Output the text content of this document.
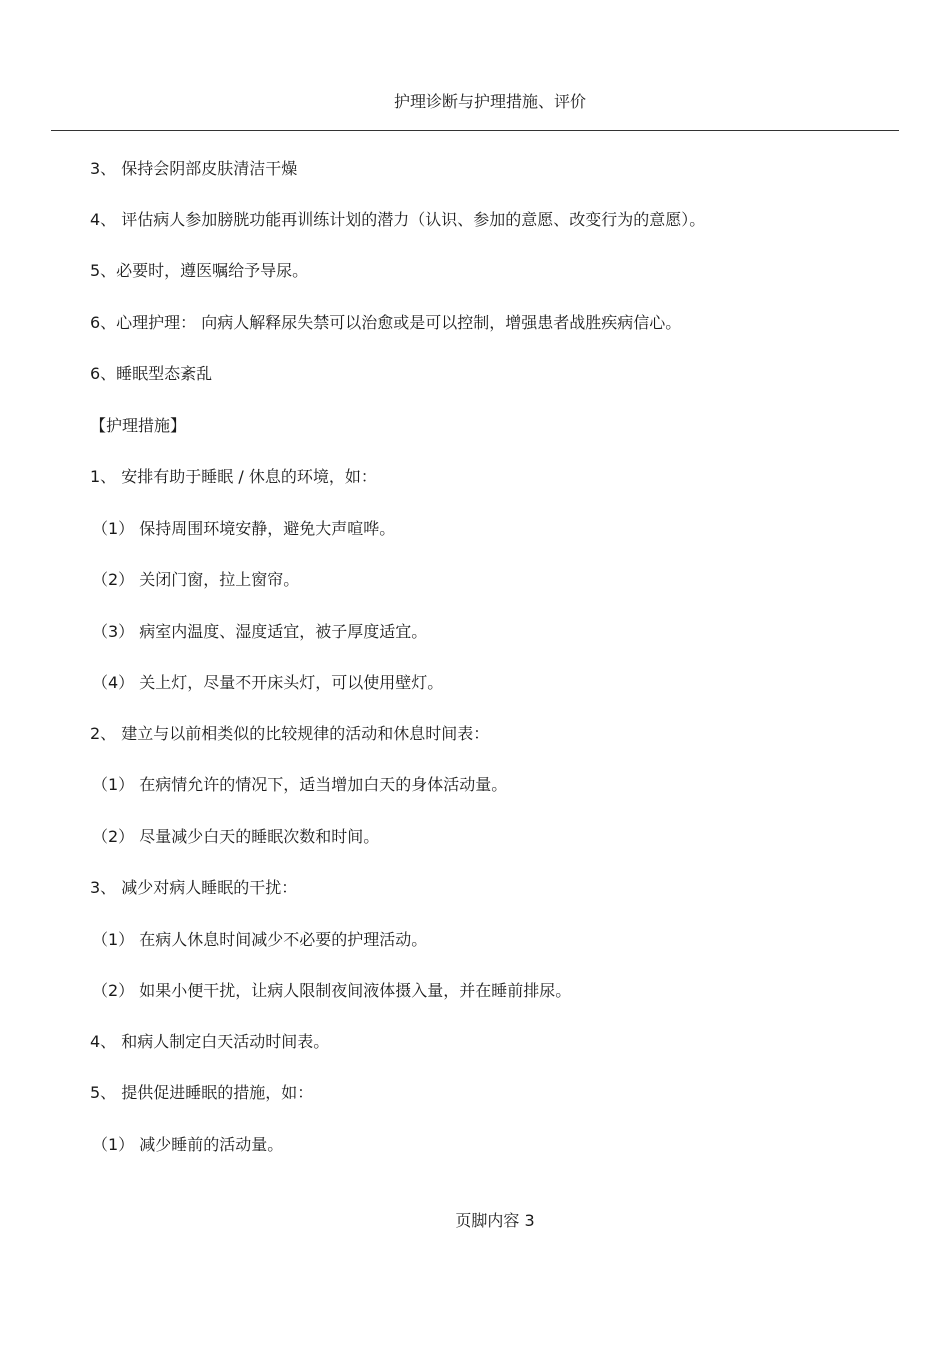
护理诊断与护理措施、评价
3、 保持会阴部皮肤清洁干燥
4、 评估病人参加膀胱功能再训练计划的潜力（认识、参加的意愿、改变行为的意愿）。
5、必要时，遵医嘱给予导尿。
6、心理护理： 向病人解释尿失禁可以治愈或是可以控制，增强患者战胜疾病信心。
6、睡眠型态紊乱
【护理措施】
1、 安排有助于睡眠 / 休息的环境，如：
（1） 保持周围环境安静，避免大声喧哗。
（2） 关闭门窗，拉上窗帘。
（3） 病室内温度、湿度适宜，被子厚度适宜。
（4） 关上灯，尽量不开床头灯，可以使用壁灯。
2、 建立与以前相类似的比较规律的活动和休息时间表：
（1） 在病情允许的情况下，适当增加白天的身体活动量。
（2） 尽量减少白天的睡眠次数和时间。
3、 减少对病人睡眠的干扰：
（1） 在病人休息时间减少不必要的护理活动。
（2） 如果小便干扰，让病人限制夜间液体摄入量，并在睡前排尿。
4、 和病人制定白天活动时间表。
5、 提供促进睡眠的措施，如：
（1） 减少睡前的活动量。
页脚内容 3
